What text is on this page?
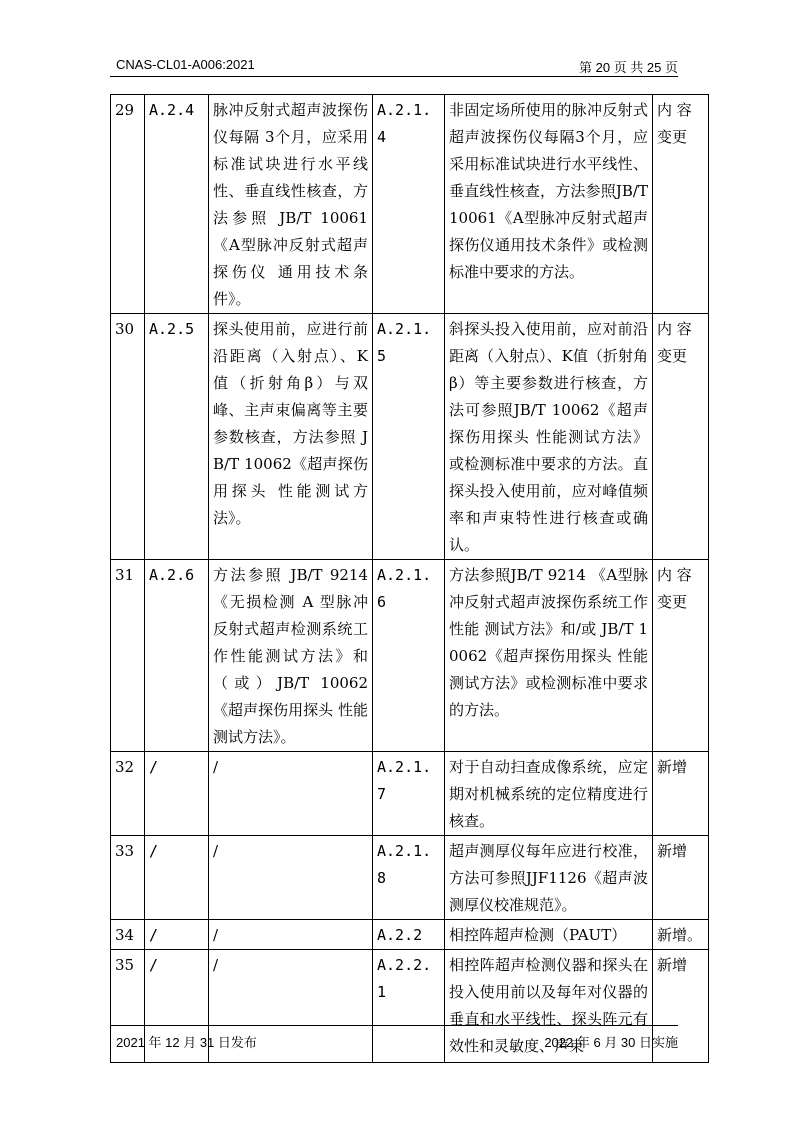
CNAS-CL01-A006:2021	第 20 页 共 25 页
29	A.2.4	脉冲反射式超声波探伤仪每隔 3个月，应采用标准试块进行水平线性、垂直线性核查，方法参照 JB/T 10061《A型脉冲反射式超声探伤仪 通用技术条件》。	A.2.1.4	非固定场所使用的脉冲反射式超声波探伤仪每隔3个月，应采用标准试块进行水平线性、垂直线性核查，方法参照JB/T 10061《A型脉冲反射式超声探伤仪通用技术条件》或检测标准中要求的方法。	内 容变更
30	A.2.5	探头使用前，应进行前沿距离（入射点）、K 值（折射角β）与双峰、主声束偏离等主要参数核查，方法参照 JB/T 10062《超声探伤用探头 性能测试方法》。	A.2.1.5	斜探头投入使用前，应对前沿距离（入射点）、K值（折射角β）等主要参数进行核查，方法可参照JB/T 10062《超声探伤用探头 性能测试方法》或检测标准中要求的方法。直探头投入使用前，应对峰值频率和声束特性进行核查或确认。	内 容变更
31	A.2.6	方法参照 JB/T 9214《无损检测 A 型脉冲反射式超声检测系统工作性能测试方法》和（或）JB/T 10062《超声探伤用探头 性能测试方法》。	A.2.1.6	方法参照JB/T 9214 《A型脉冲反射式超声波探伤系统工作性能 测试方法》和/或 JB/T 10062《超声探伤用探头 性能测试方法》或检测标准中要求的方法。	内 容变更
32	/	/	A.2.1.7	对于自动扫查成像系统，应定期对机械系统的定位精度进行核查。	新增
33	/	/	A.2.1.8	超声测厚仪每年应进行校准，方法可参照JJF1126《超声波测厚仪校准规范》。	新增
34	/	/	A.2.2	相控阵超声检测（PAUT）	新增。
35	/	/	A.2.2.1	相控阵超声检测仪器和探头在投入使用前以及每年对仪器的垂直和水平线性、探头阵元有效性和灵敏度、声束	新增
2021 年 12 月 31 日发布	2022 年 6 月 30 日实施
